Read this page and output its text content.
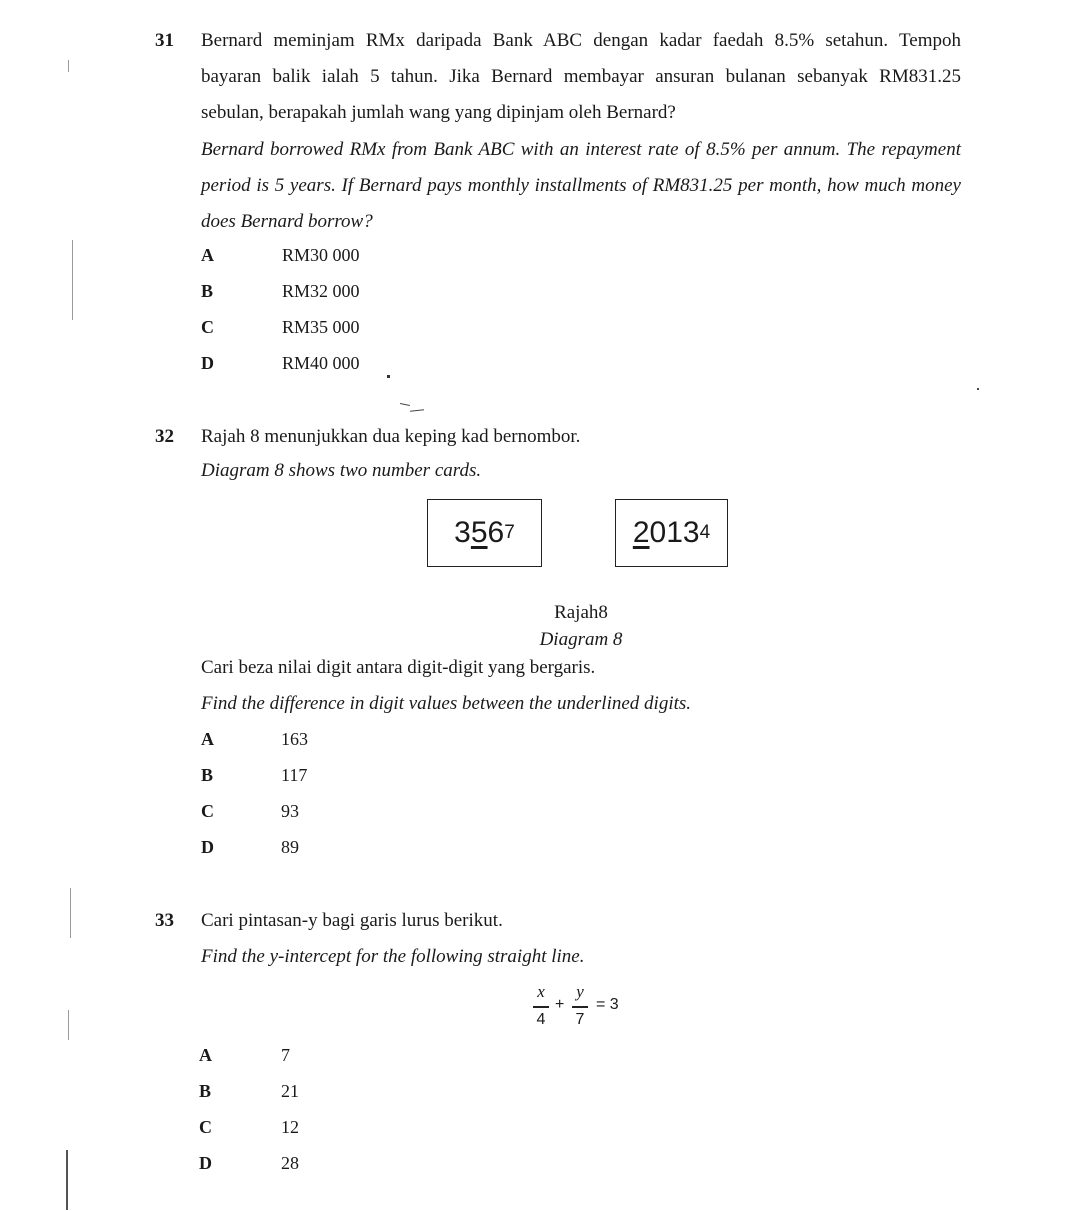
31 Bernard meminjam RMx daripada Bank ABC dengan kadar faedah 8.5% setahun. Tempoh
bayaran balik ialah 5 tahun. Jika Bernard membayar ansuran bulanan sebanyak RM831.25
sebulan, berapakah jumlah wang yang dipinjam oleh Bernard?
Bernard borrowed RMx from Bank ABC with an interest rate of 8.5% per annum. The repayment
period is 5 years. If Bernard pays monthly installments of RM831.25 per month, how much money
does Bernard borrow?
A	RM30 000
B	RM32 000
C	RM35 000
D	RM40 000
32 Rajah 8 menunjukkan dua keping kad bernombor.
Diagram 8 shows two number cards.
3 5 6 7	2 013 4
Rajah8
Diagram 8
Cari beza nilai digit antara digit-digit yang bergaris.
Find the difference in digit values between the underlined digits.
A	163
B	117
C	93
D	89
33 Cari pintasan-y bagi garis lurus berikut.
Find the y-intercept for the following straight line.
x
4
+
y
7
= 3
A	7
B	21
C	12
D	28
